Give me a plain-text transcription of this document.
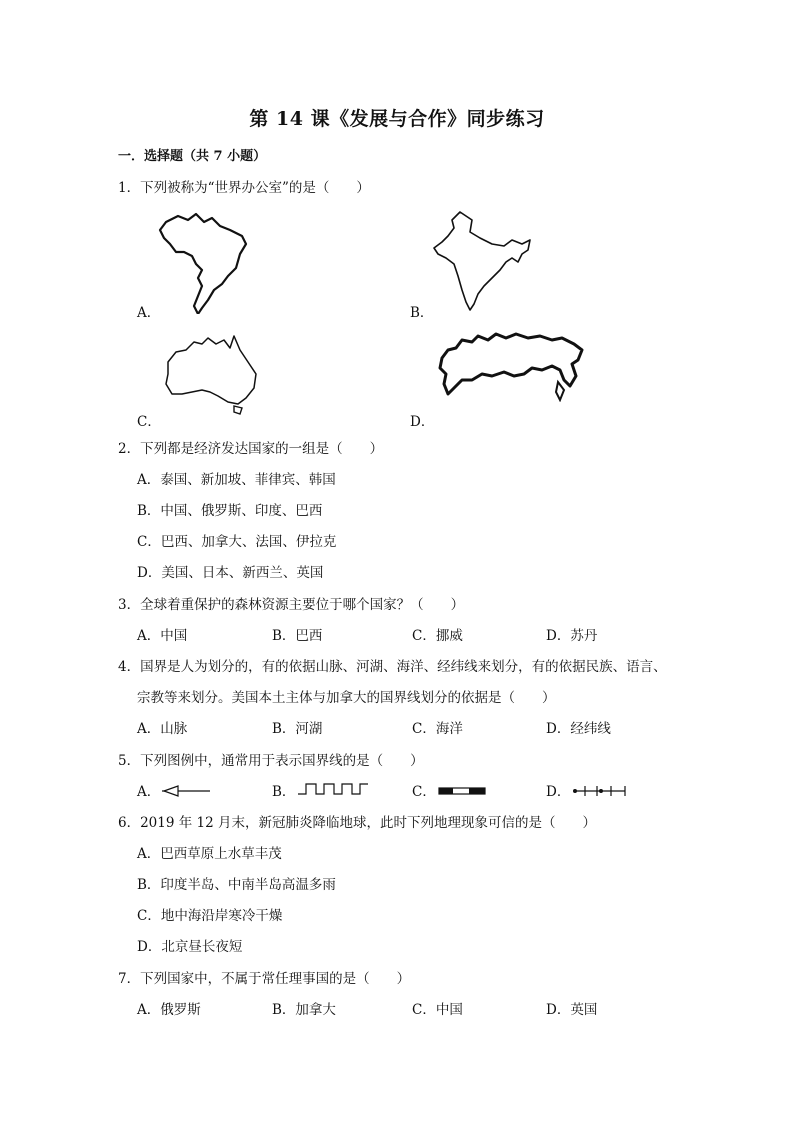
第 14 课《发展与合作》同步练习
一．选择题（共 7 小题）
1．下列被称为“世界办公室”的是（　　）
A．	B．
C．	D．
2．下列都是经济发达国家的一组是（　　）
A．泰国、新加坡、菲律宾、韩国
B．中国、俄罗斯、印度、巴西
C．巴西、加拿大、法国、伊拉克
D．美国、日本、新西兰、英国
3．全球着重保护的森林资源主要位于哪个国家？（　　）
A．中国	B．巴西	C．挪威	D．苏丹
4．国界是人为划分的，有的依据山脉、河湖、海洋、经纬线来划分，有的依据民族、语言、
宗教等来划分。美国本土主体与加拿大的国界线划分的依据是（　　）
A．山脉	B．河湖	C．海洋	D．经纬线
5．下列图例中，通常用于表示国界线的是（　　）
A．	B．	C．	D．
6．2019 年 12 月末，新冠肺炎降临地球，此时下列地理现象可信的是（　　）
A．巴西草原上水草丰茂
B．印度半岛、中南半岛高温多雨
C．地中海沿岸寒冷干燥
D．北京昼长夜短
7．下列国家中，不属于常任理事国的是（　　）
A．俄罗斯	B．加拿大	C．中国	D．英国
